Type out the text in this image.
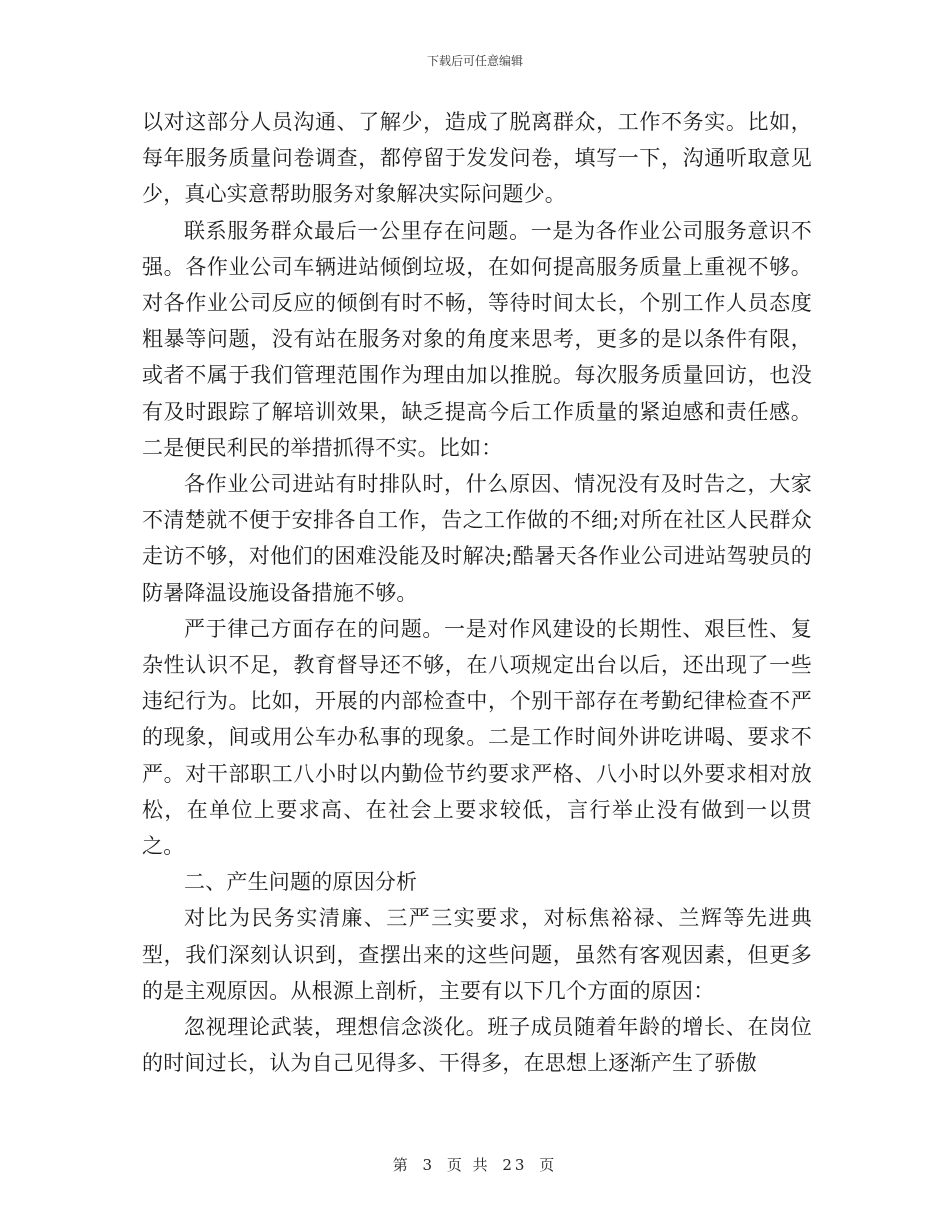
下载后可任意编辑

以对这部分人员沟通、了解少，造成了脱离群众，工作不务实。比如，每年服务质量问卷调查，都停留于发发问卷，填写一下，沟通听取意见少，真心实意帮助服务对象解决实际问题少。

联系服务群众最后一公里存在问题。一是为各作业公司服务意识不强。各作业公司车辆进站倾倒垃圾，在如何提高服务质量上重视不够。对各作业公司反应的倾倒有时不畅，等待时间太长，个别工作人员态度粗暴等问题，没有站在服务对象的角度来思考，更多的是以条件有限，或者不属于我们管理范围作为理由加以推脱。每次服务质量回访，也没有及时跟踪了解培训效果，缺乏提高今后工作质量的紧迫感和责任感。二是便民利民的举措抓得不实。比如：

各作业公司进站有时排队时，什么原因、情况没有及时告之，大家不清楚就不便于安排各自工作，告之工作做的不细;对所在社区人民群众走访不够，对他们的困难没能及时解决;酷暑天各作业公司进站驾驶员的防暑降温设施设备措施不够。

严于律己方面存在的问题。一是对作风建设的长期性、艰巨性、复杂性认识不足，教育督导还不够，在八项规定出台以后，还出现了一些违纪行为。比如，开展的内部检查中，个别干部存在考勤纪律检查不严的现象，间或用公车办私事的现象。二是工作时间外讲吃讲喝、要求不严。对干部职工八小时以内勤俭节约要求严格、八小时以外要求相对放松，在单位上要求高、在社会上要求较低，言行举止没有做到一以贯之。

二、产生问题的原因分析

对比为民务实清廉、三严三实要求，对标焦裕禄、兰辉等先进典型，我们深刻认识到，查摆出来的这些问题，虽然有客观因素，但更多的是主观原因。从根源上剖析，主要有以下几个方面的原因：

忽视理论武装，理想信念淡化。班子成员随着年龄的增长、在岗位的时间过长，认为自己见得多、干得多，在思想上逐渐产生了骄傲

第 3 页 共 23 页
